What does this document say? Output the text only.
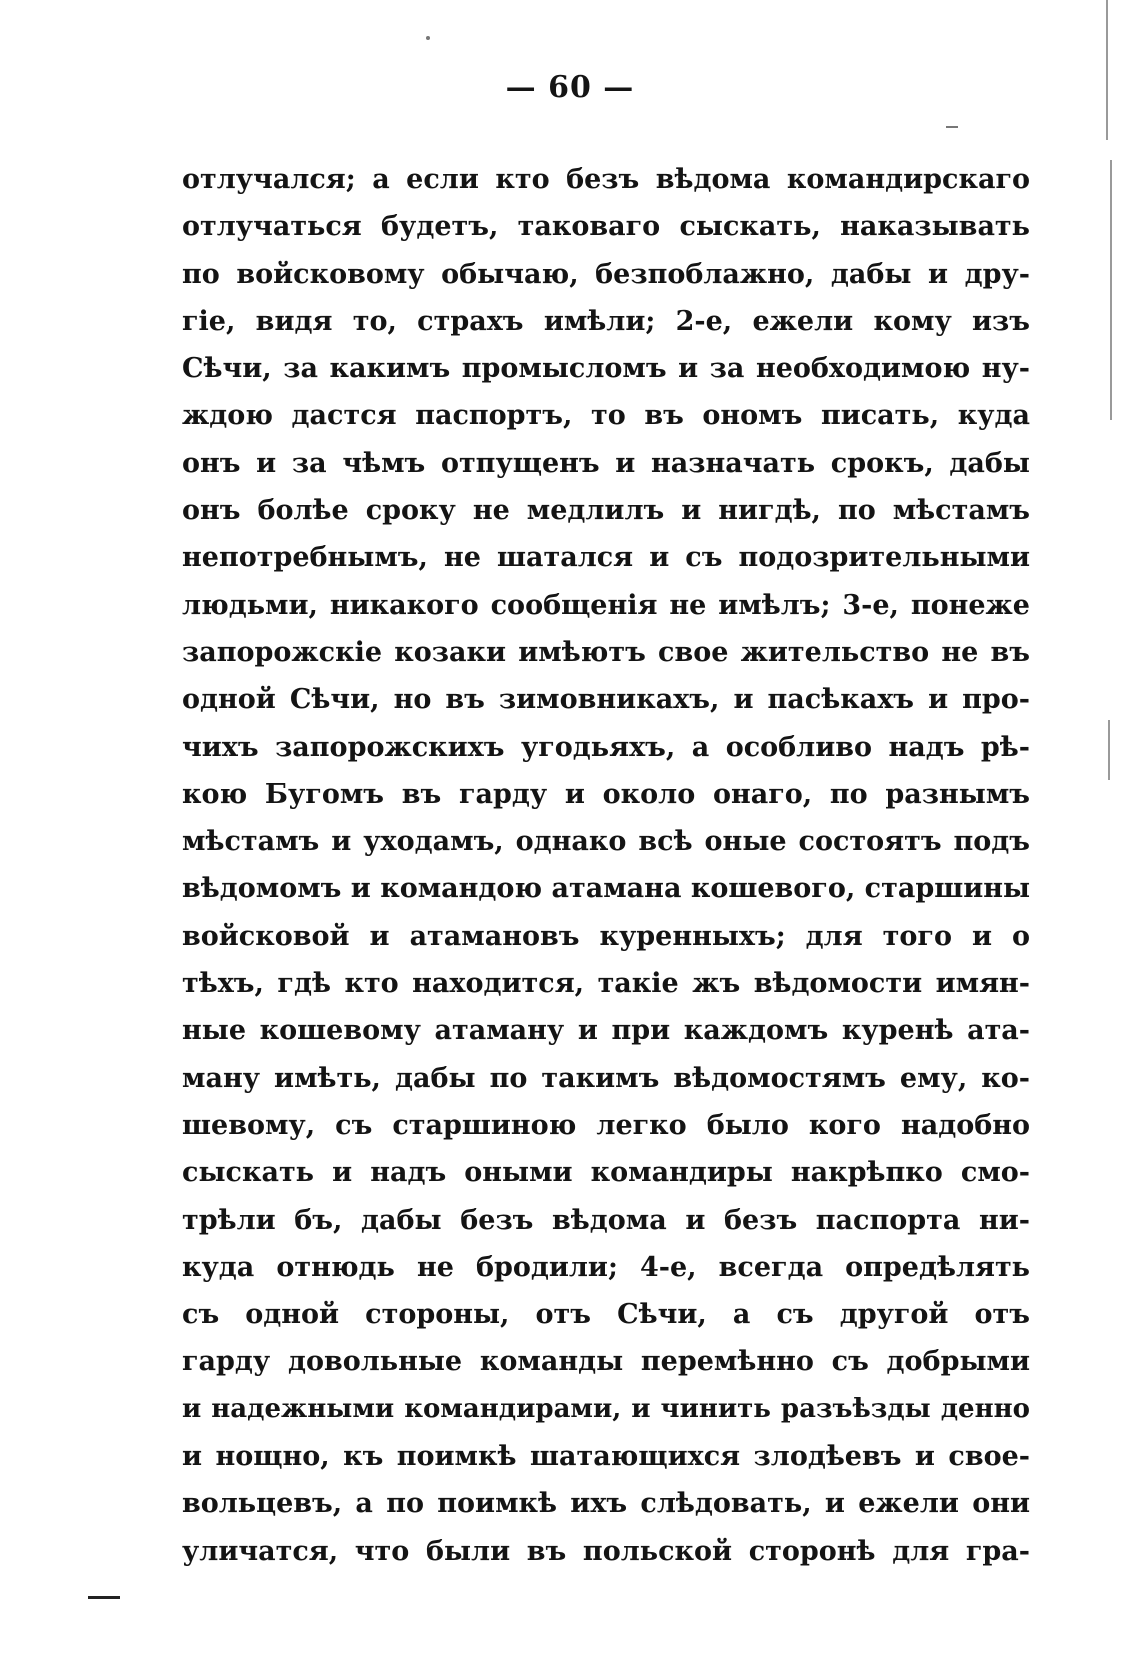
— 60 —
отлучался; а если кто безъ вѣдома командирскаго
отлучаться будетъ, таковаго сыскать, наказывать
по войсковому обычаю, безпоблажно, дабы и дру-
гіе, видя то, страхъ имѣли; 2-е, ежели кому изъ
Сѣчи, за какимъ промысломъ и за необходимою ну-
ждою дастся паспортъ, то въ ономъ писать, куда
онъ и за чѣмъ отпущенъ и назначать срокъ, дабы
онъ болѣе сроку не медлилъ и нигдѣ, по мѣстамъ
непотребнымъ, не шатался и съ подозрительными
людьми, никакого сообщенія не имѣлъ; 3-е, понеже
запорожскіе козаки имѣютъ свое жительство не въ
одной Сѣчи, но въ зимовникахъ, и пасѣкахъ и про-
чихъ запорожскихъ угодьяхъ, а особливо надъ рѣ-
кою Бугомъ въ гарду и около онаго, по разнымъ
мѣстамъ и уходамъ, однако всѣ оные состоятъ подъ
вѣдомомъ и командою атамана кошевого, старшины
войсковой и атамановъ куренныхъ; для того и о
тѣхъ, гдѣ кто находится, такіе жъ вѣдомости имян-
ные кошевому атаману и при каждомъ куренѣ ата-
ману имѣть, дабы по такимъ вѣдомостямъ ему, ко-
шевому, съ старшиною легко было кого надобно
сыскать и надъ оными командиры накрѣпко смо-
трѣли бъ, дабы безъ вѣдома и безъ паспорта ни-
куда отнюдь не бродили; 4-е, всегда опредѣлять
съ одной стороны, отъ Сѣчи, а съ другой отъ
гарду довольные команды перемѣнно съ добрыми
и надежными командирами, и чинить разъѣзды денно
и нощно, къ поимкѣ шатающихся злодѣевъ и свое-
вольцевъ, а по поимкѣ ихъ слѣдовать, и ежели они
уличатся, что были въ польской сторонѣ для гра-
